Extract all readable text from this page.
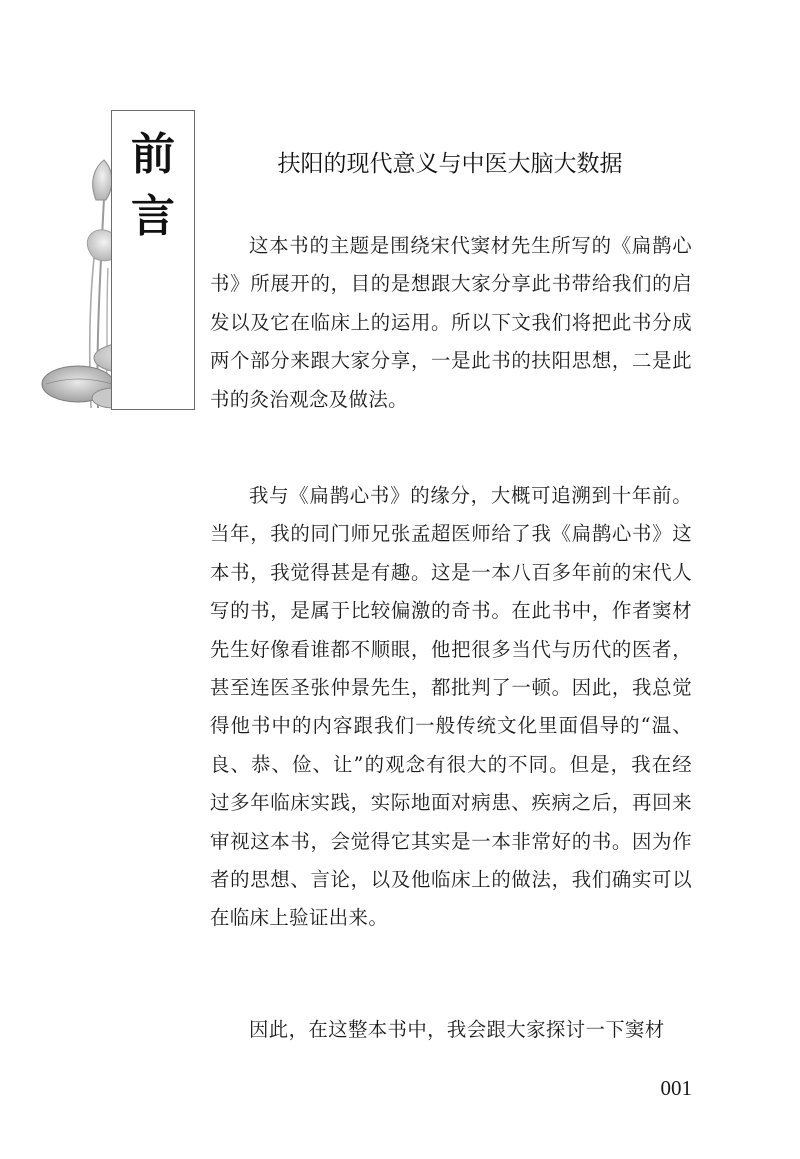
前
言
扶阳的现代意义与中医大脑大数据

这本书的主题是围绕宋代窦材先生所写的《扁鹊心书》所展开的，目的是想跟大家分享此书带给我们的启发以及它在临床上的运用。所以下文我们将把此书分成两个部分来跟大家分享，一是此书的扶阳思想，二是此书的灸治观念及做法。

我与《扁鹊心书》的缘分，大概可追溯到十年前。当年，我的同门师兄张孟超医师给了我《扁鹊心书》这本书，我觉得甚是有趣。这是一本八百多年前的宋代人写的书，是属于比较偏激的奇书。在此书中，作者窦材先生好像看谁都不顺眼，他把很多当代与历代的医者，甚至连医圣张仲景先生，都批判了一顿。因此，我总觉得他书中的内容跟我们一般传统文化里面倡导的“温、良、恭、俭、让”的观念有很大的不同。但是，我在经过多年临床实践，实际地面对病患、疾病之后，再回来审视这本书，会觉得它其实是一本非常好的书。因为作者的思想、言论，以及他临床上的做法，我们确实可以在临床上验证出来。

因此，在这整本书中，我会跟大家探讨一下窦材

001
